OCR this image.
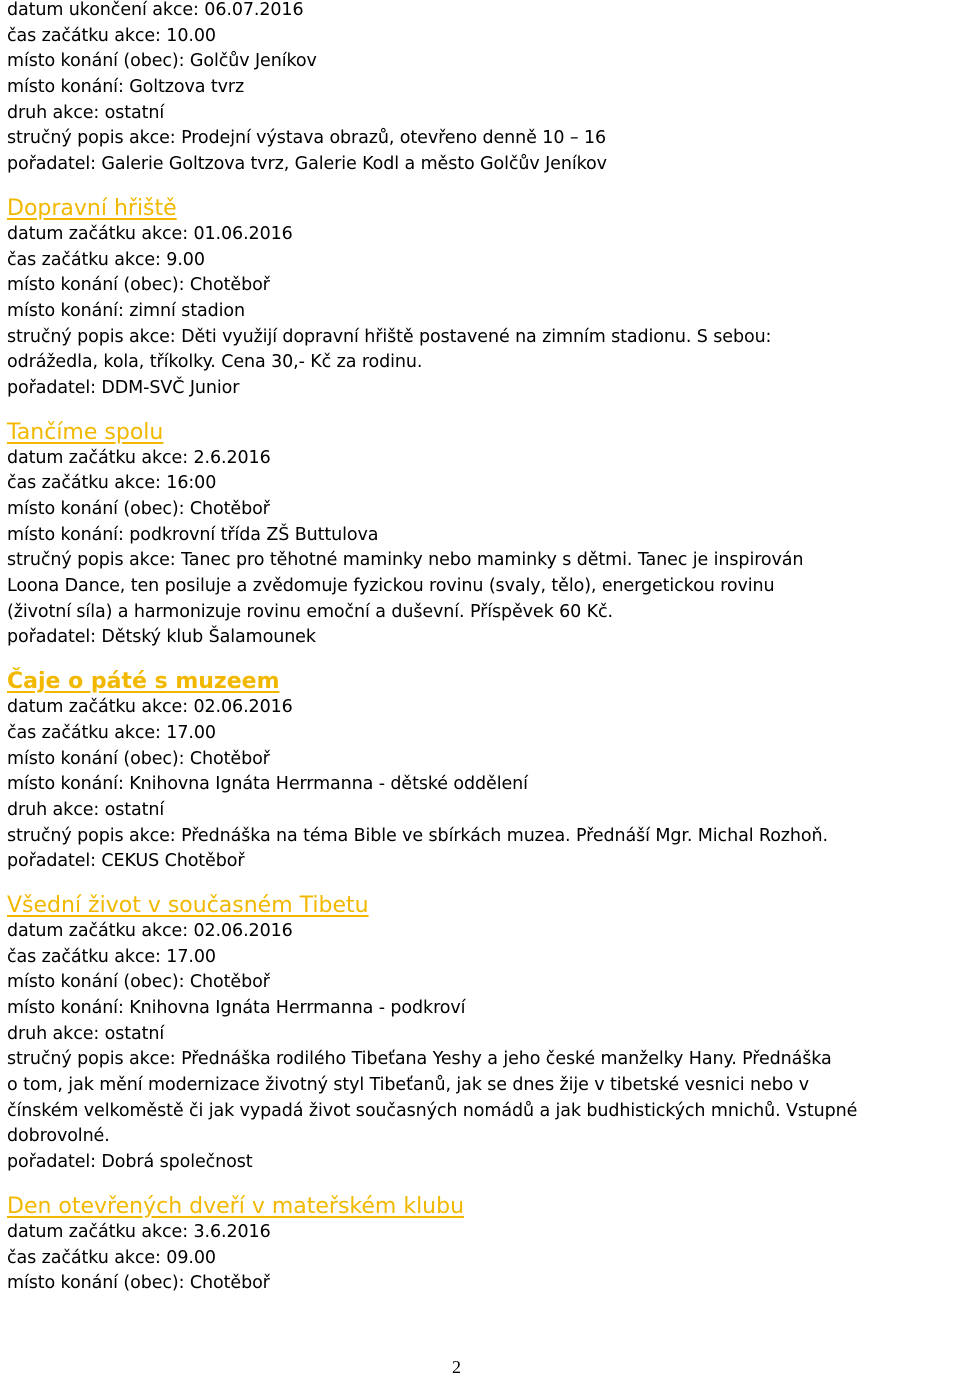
datum ukončení akce: 06.07.2016
čas začátku akce: 10.00
místo konání (obec): Golčův Jeníkov
místo konání: Goltzova tvrz
druh akce: ostatní
stručný popis akce: Prodejní výstava obrazů, otevřeno denně 10 – 16
pořadatel: Galerie Goltzova tvrz, Galerie Kodl a město Golčův Jeníkov
Dopravní hřiště
datum začátku akce: 01.06.2016
čas začátku akce: 9.00
místo konání (obec): Chotěboř
místo konání: zimní stadion
stručný popis akce: Děti využijí dopravní hřiště postavené na zimním stadionu. S sebou:
odrážedla, kola, tříkolky. Cena 30,- Kč za rodinu.
pořadatel: DDM-SVČ Junior
Tančíme spolu
datum začátku akce: 2.6.2016
čas začátku akce: 16:00
místo konání (obec): Chotěboř
místo konání: podkrovní třída ZŠ Buttulova
stručný popis akce: Tanec pro těhotné maminky nebo maminky s dětmi. Tanec je inspirován
Loona Dance, ten posiluje a zvědomuje fyzickou rovinu (svaly, tělo), energetickou rovinu
(životní síla) a harmonizuje rovinu emoční a duševní. Příspěvek 60 Kč.
pořadatel: Dětský klub Šalamounek
Čaje o páté s muzeem
datum začátku akce: 02.06.2016
čas začátku akce: 17.00
místo konání (obec): Chotěboř
místo konání: Knihovna Ignáta Herrmanna - dětské oddělení
druh akce: ostatní
stručný popis akce: Přednáška na téma Bible ve sbírkách muzea. Přednáší Mgr. Michal Rozhoň.
pořadatel: CEKUS Chotěboř
Všední život v současném Tibetu
datum začátku akce: 02.06.2016
čas začátku akce: 17.00
místo konání (obec): Chotěboř
místo konání: Knihovna Ignáta Herrmanna - podkroví
druh akce: ostatní
stručný popis akce: Přednáška rodilého Tibeťana Yeshy a jeho české manželky Hany. Přednáška
o tom, jak mění modernizace životný styl Tibeťanů, jak se dnes žije v tibetské vesnici nebo v
čínském velkoměstě či jak vypadá život současných nomádů a jak budhistických mnichů. Vstupné
dobrovolné.
pořadatel: Dobrá společnost
Den otevřených dveří v mateřském klubu
datum začátku akce: 3.6.2016
čas začátku akce: 09.00
místo konání (obec): Chotěboř
2
